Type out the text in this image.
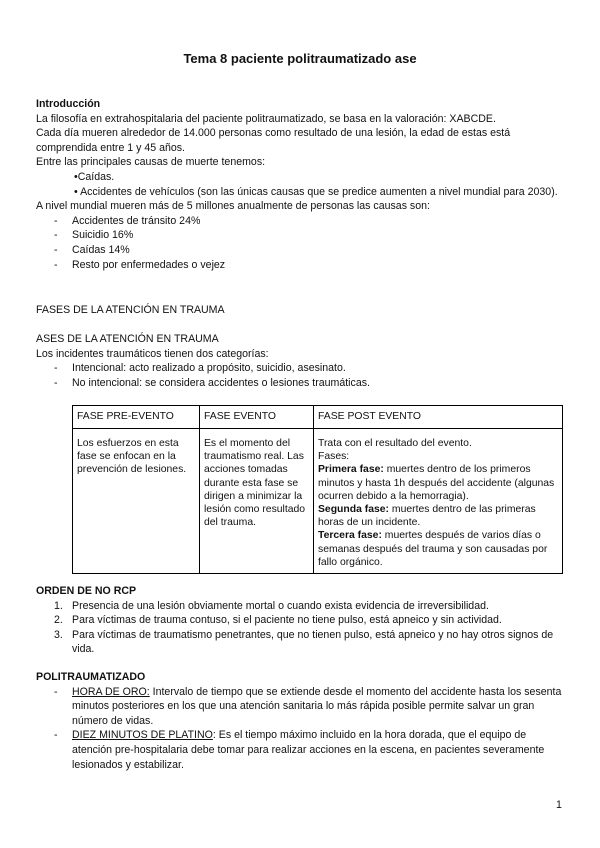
Tema 8 paciente politraumatizado ase

Introducción

La filosofía en extrahospitalaria del paciente politraumatizado, se basa en la valoración: XABCDE.

Cada día mueren alrededor de 14.000 personas como resultado de una lesión, la edad de estas está comprendida entre 1 y 45 años.

Entre las principales causas de muerte tenemos:

•Caídas.

• Accidentes de vehículos (son las únicas causas que se predice aumenten a nivel mundial para 2030).

A nivel mundial mueren más de 5 millones anualmente de personas las causas son:

- Accidentes de tránsito 24%
- Suicidio 16%
- Caídas 14%
- Resto por enfermedades o vejez
FASES DE LA ATENCIÓN EN TRAUMA

ASES DE LA ATENCIÓN EN TRAUMA

Los incidentes traumáticos tienen dos categorías:

- Intencional: acto realizado a propósito, suicidio, asesinato.
- No intencional: se considera accidentes o lesiones traumáticas.
FASE PRE-EVENTO	FASE EVENTO	FASE POST EVENTO
Los esfuerzos en esta fase se enfocan en la prevención de lesiones.	Es el momento del traumatismo real. Las acciones tomadas durante esta fase se dirigen a minimizar la lesión como resultado del trauma.	Trata con el resultado del evento.
Fases:
Primera fase: muertes dentro de los primeros minutos y hasta 1h después del accidente (algunas ocurren debido a la hemorragia).
Segunda fase: muertes dentro de las primeras horas de un incidente.
Tercera fase: muertes después de varios días o semanas después del trauma y son causadas por fallo orgánico.

ORDEN DE NO RCP

1. Presencia de una lesión obviamente mortal o cuando exista evidencia de irreversibilidad.
2. Para víctimas de trauma contuso, si el paciente no tiene pulso, está apneico y sin actividad.
3. Para víctimas de traumatismo penetrantes, que no tienen pulso, está apneico y no hay otros signos de vida.

POLITRAUMATIZADO

- HORA DE ORO: Intervalo de tiempo que se extiende desde el momento del accidente hasta los sesenta minutos posteriores en los que una atención sanitaria lo más rápida posible permite salvar un gran número de vidas.
- DIEZ MINUTOS DE PLATINO: Es el tiempo máximo incluido en la hora dorada, que el equipo de atención pre-hospitalaria debe tomar para realizar acciones en la escena, en pacientes severamente lesionados y estabilizar.
1
